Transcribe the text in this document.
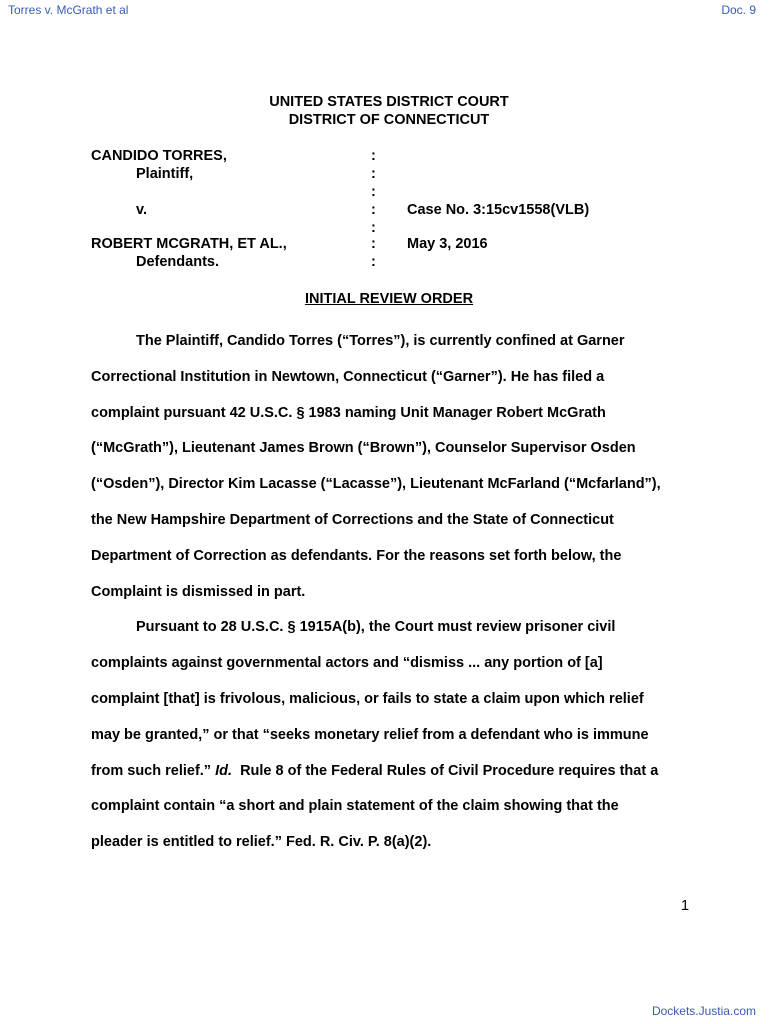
Torres v. McGrath et al	Doc. 9
UNITED STATES DISTRICT COURT
DISTRICT OF CONNECTICUT
CANDIDO TORRES,
Plaintiff,
v.
ROBERT MCGRATH, ET AL.,
Defendants.
:
:
:
:
:
:
:
Case No. 3:15cv1558(VLB)
May 3, 2016
INITIAL REVIEW ORDER
The Plaintiff, Candido Torres (“Torres”), is currently confined at Garner
Correctional Institution in Newtown, Connecticut (“Garner”). He has filed a
complaint pursuant 42 U.S.C. § 1983 naming Unit Manager Robert McGrath
(“McGrath”), Lieutenant James Brown (“Brown”), Counselor Supervisor Osden
(“Osden”), Director Kim Lacasse (“Lacasse”), Lieutenant McFarland (“Mcfarland”),
the New Hampshire Department of Corrections and the State of Connecticut
Department of Correction as defendants. For the reasons set forth below, the
Complaint is dismissed in part.
Pursuant to 28 U.S.C. § 1915A(b), the Court must review prisoner civil
complaints against governmental actors and “dismiss ... any portion of [a]
complaint [that] is frivolous, malicious, or fails to state a claim upon which relief
may be granted,” or that “seeks monetary relief from a defendant who is immune
from such relief.” Id.  Rule 8 of the Federal Rules of Civil Procedure requires that a
complaint contain “a short and plain statement of the claim showing that the
pleader is entitled to relief.” Fed. R. Civ. P. 8(a)(2).
1
Dockets.Justia.com
